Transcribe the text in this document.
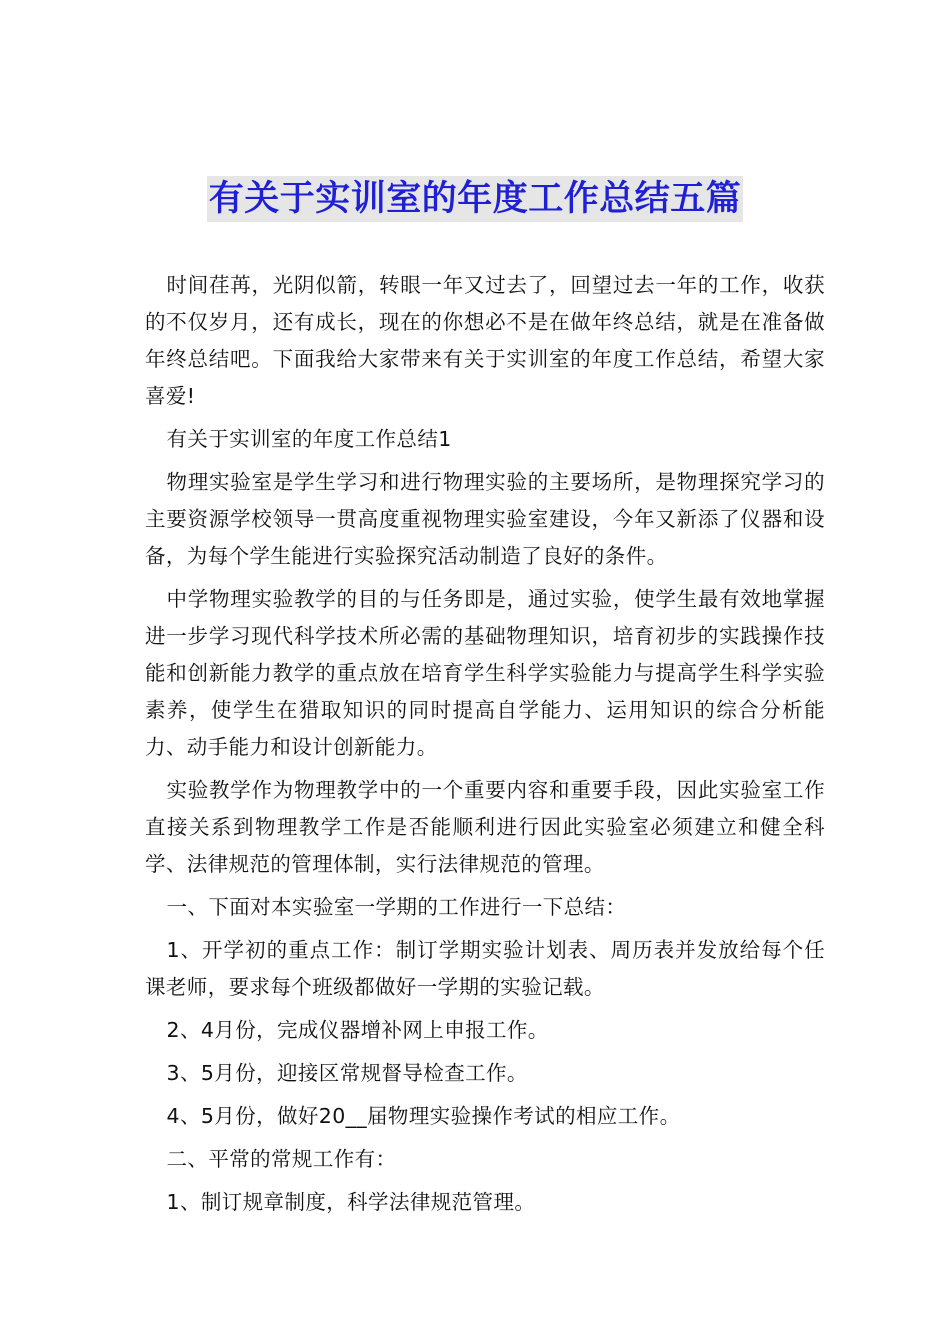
有关于实训室的年度工作总结五篇

时间荏苒，光阴似箭，转眼一年又过去了，回望过去一年的工作，收获的不仅岁月，还有成长，现在的你想必不是在做年终总结，就是在准备做年终总结吧。下面我给大家带来有关于实训室的年度工作总结，希望大家喜爱!

有关于实训室的年度工作总结1

物理实验室是学生学习和进行物理实验的主要场所，是物理探究学习的主要资源学校领导一贯高度重视物理实验室建设，今年又新添了仪器和设备，为每个学生能进行实验探究活动制造了良好的条件。

中学物理实验教学的目的与任务即是，通过实验，使学生最有效地掌握进一步学习现代科学技术所必需的基础物理知识，培育初步的实践操作技能和创新能力教学的重点放在培育学生科学实验能力与提高学生科学实验素养，使学生在猎取知识的同时提高自学能力、运用知识的综合分析能力、动手能力和设计创新能力。

实验教学作为物理教学中的一个重要内容和重要手段，因此实验室工作直接关系到物理教学工作是否能顺利进行因此实验室必须建立和健全科学、法律规范的管理体制，实行法律规范的管理。

一、下面对本实验室一学期的工作进行一下总结：

1、开学初的重点工作：制订学期实验计划表、周历表并发放给每个任课老师，要求每个班级都做好一学期的实验记载。

2、4月份，完成仪器增补网上申报工作。

3、5月份，迎接区常规督导检查工作。

4、5月份，做好20__届物理实验操作考试的相应工作。

二、平常的常规工作有：

1、制订规章制度，科学法律规范管理。
